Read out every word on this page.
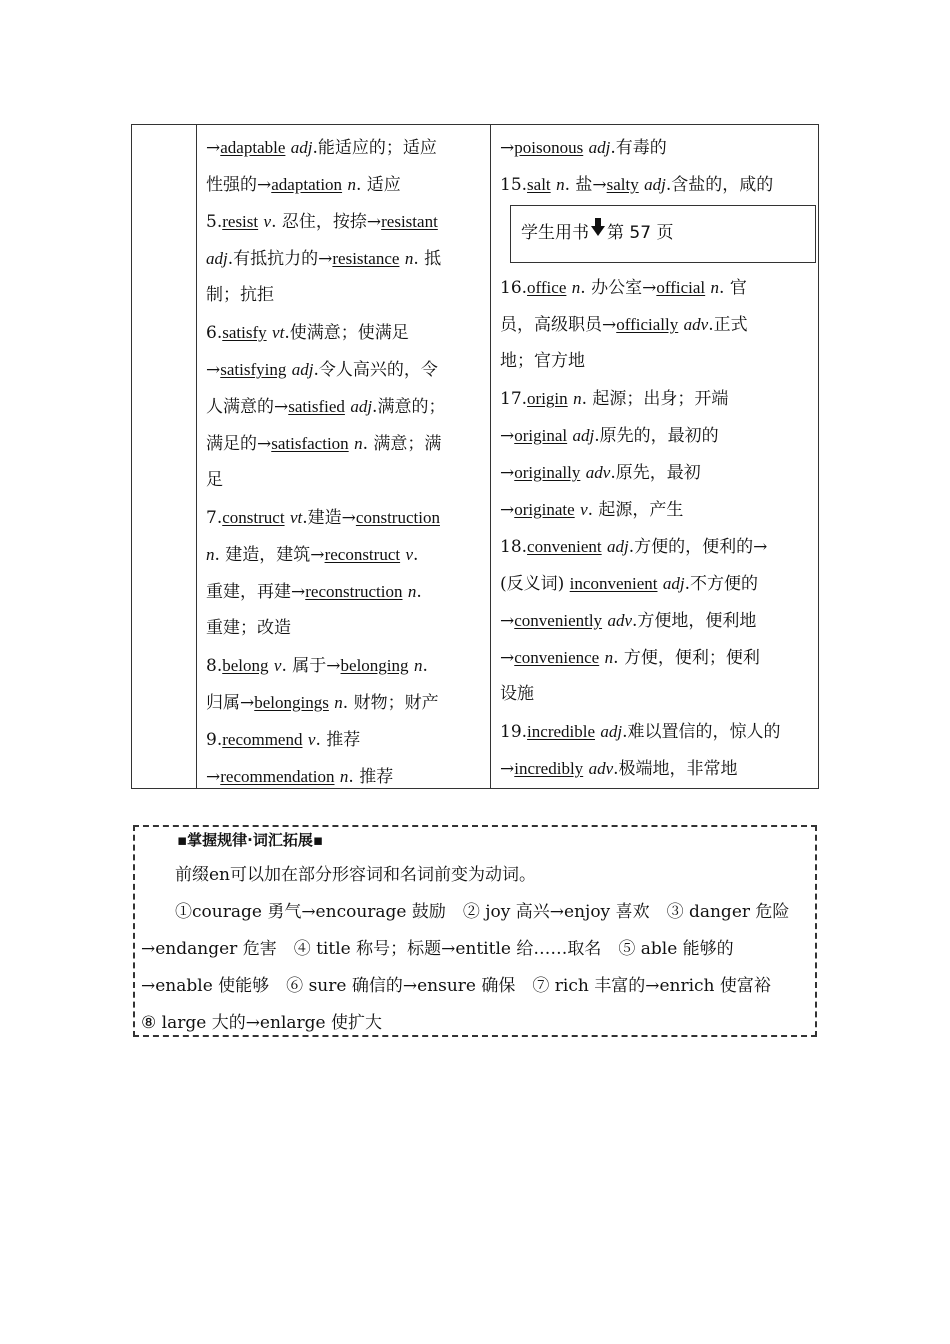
→adaptable adj.能适应的；适应
性强的→adaptation n. 适应
5.resist v. 忍住，按捺→resistant
adj.有抵抗力的→resistance n. 抵
制；抗拒
6.satisfy vt.使满意；使满足
→satisfying adj.令人高兴的，令
人满意的→satisfied adj.满意的；
满足的→satisfaction n. 满意；满
足
7.construct vt.建造→construction
n. 建造，建筑→reconstruct v.
重建，再建→reconstruction n.
重建；改造
8.belong v. 属于→belonging n.
归属→belongings n. 财物；财产
9.recommend v. 推荐
→recommendation n. 推荐
→poisonous adj.有毒的
15.salt n. 盐→salty adj.含盐的，咸的
学生用书 第 57 页
16.office n. 办公室→official n. 官
员，高级职员→officially adv.正式
地；官方地
17.origin n. 起源；出身；开端
→original adj.原先的，最初的
→originally adv.原先，最初
→originate v. 起源，产生
18.convenient adj.方便的，便利的→
(反义词) inconvenient adj.不方便的
→conveniently adv.方便地，便利地
→convenience n. 方便，便利；便利
设施
19.incredible adj.难以置信的，惊人的
→incredibly adv.极端地，非常地
▪掌握规律·词汇拓展▪
　　前缀en可以加在部分形容词和名词前变为动词。
　　①courage 勇气→encourage 鼓励　② joy 高兴→enjoy 喜欢　③ danger 危险
→endanger 危害　④ title 称号；标题→entitle 给……取名　⑤ able 能够的
→enable 使能够　⑥ sure 确信的→ensure 确保　⑦ rich 丰富的→enrich 使富裕
⑧ large 大的→enlarge 使扩大
